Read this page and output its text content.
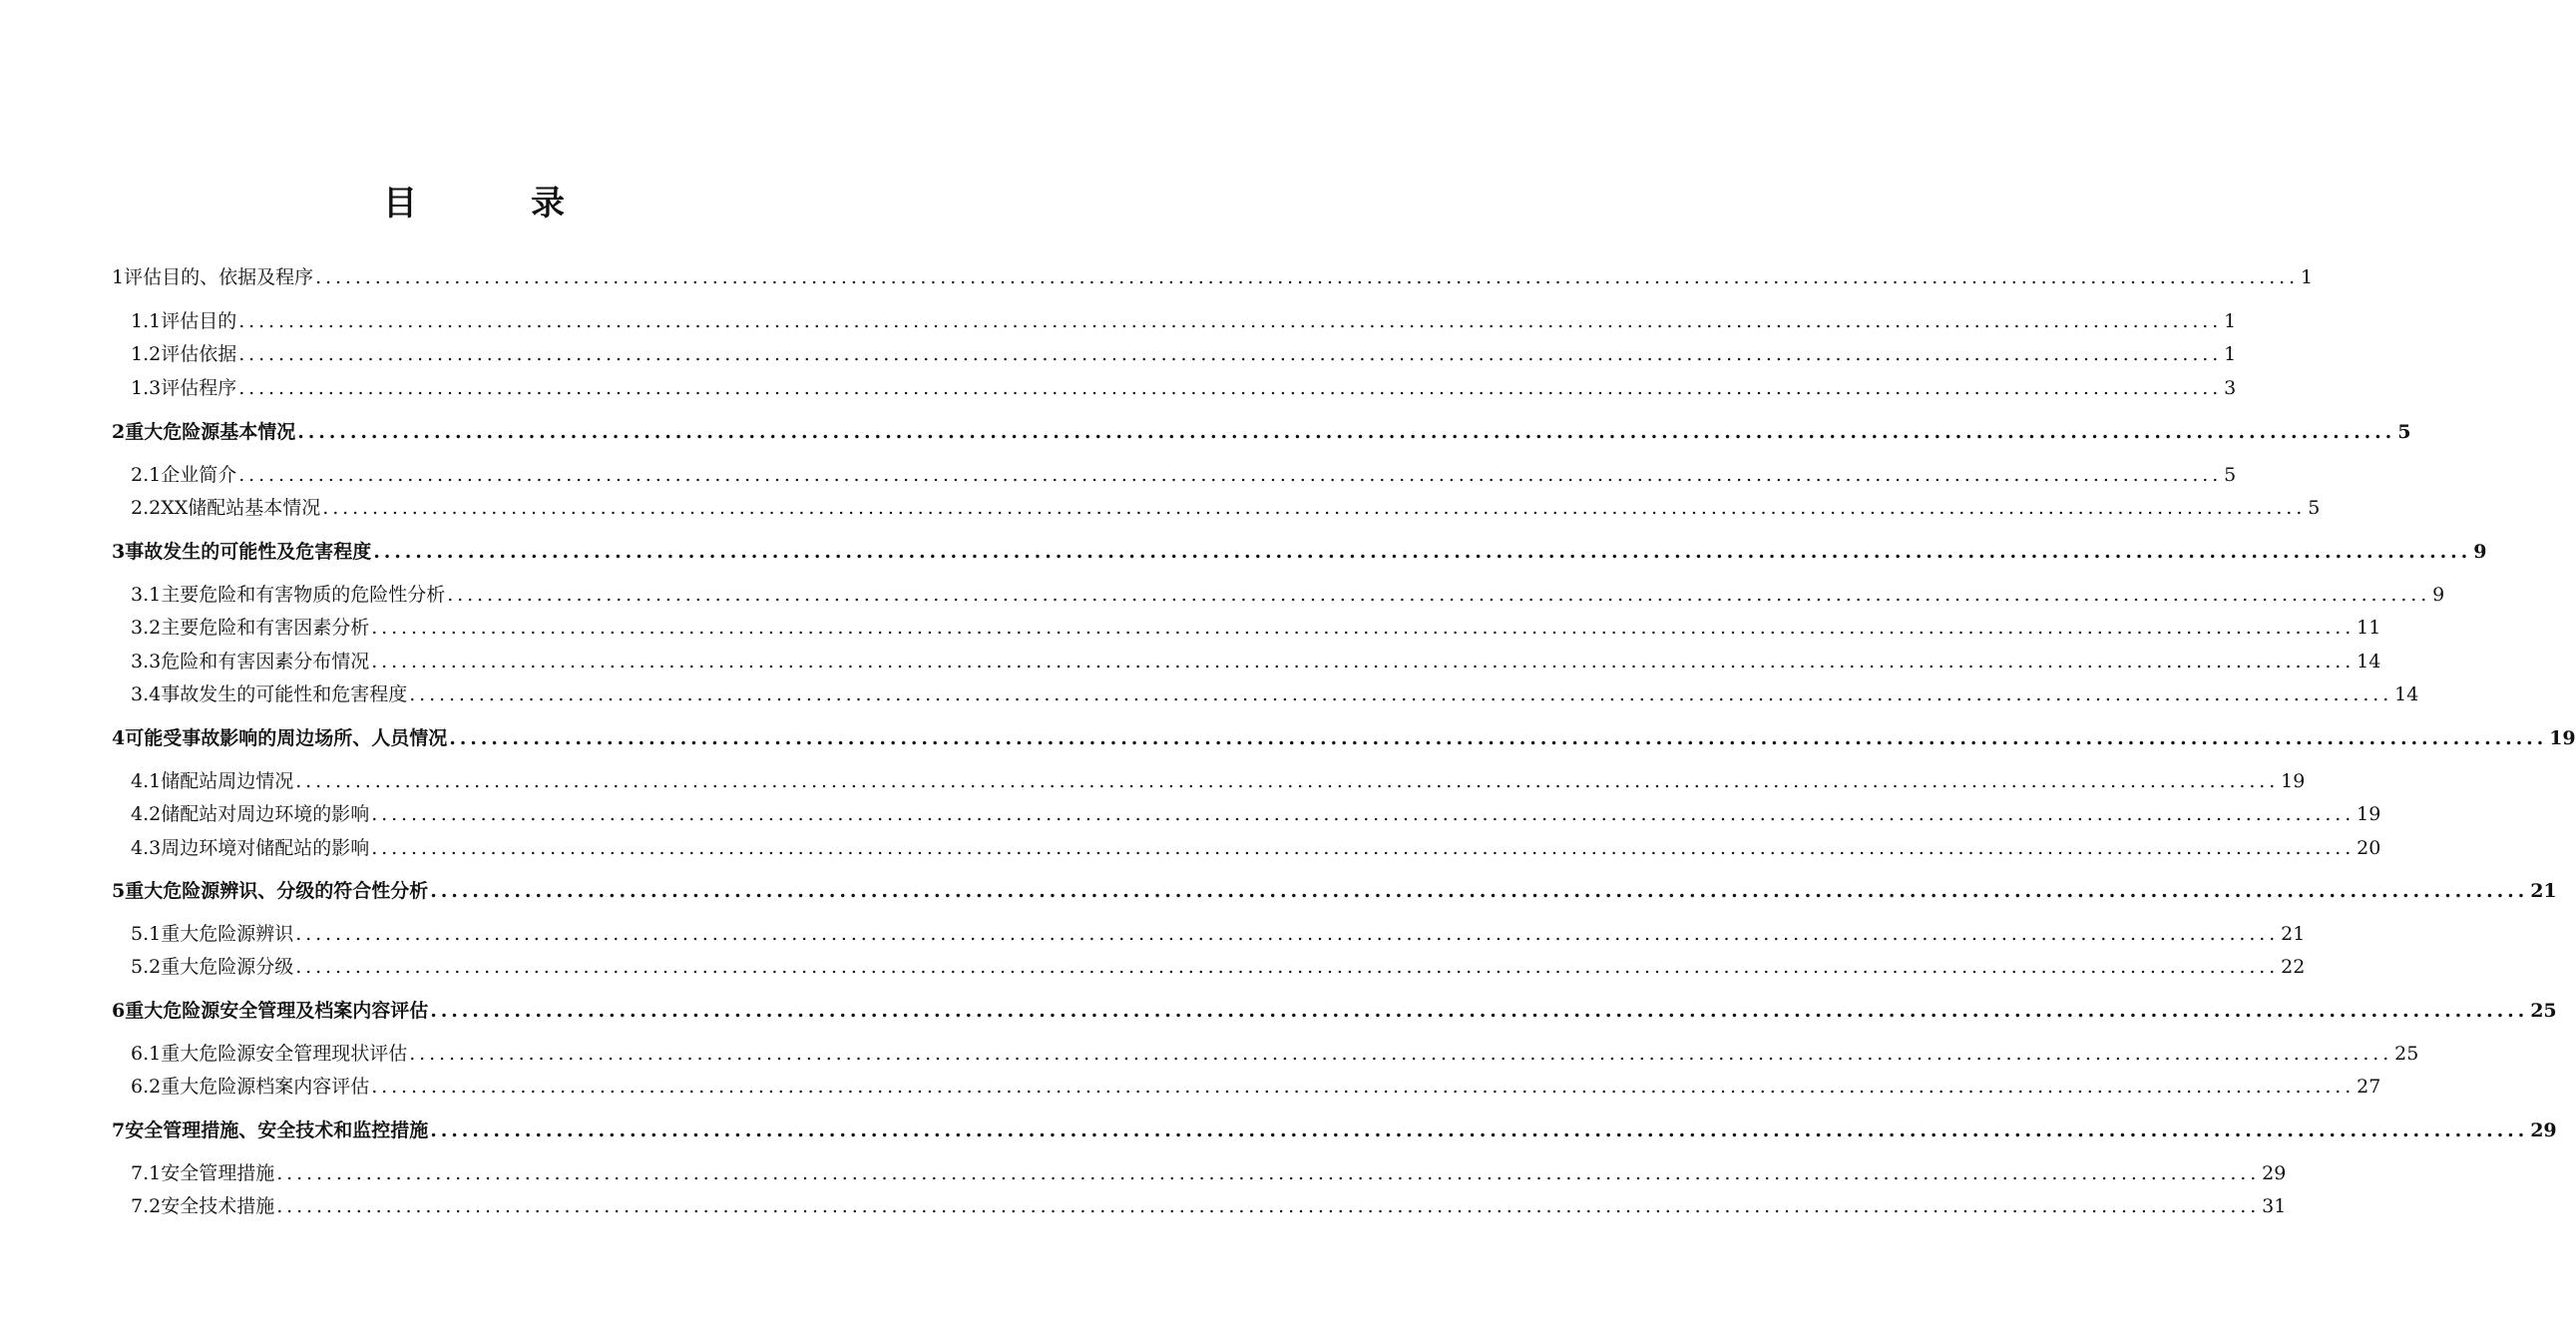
目　录
1 评估目的、依据及程序 ........................................................................................................................................................................................................ 1
1.1 评估目的 ........................................................................................................................................................................................................ 1
1.2 评估依据 ........................................................................................................................................................................................................ 1
1.3 评估程序 ........................................................................................................................................................................................................ 3
2 重大危险源基本情况 ........................................................................................................................................................................................................ 5
2.1 企业简介 ........................................................................................................................................................................................................ 5
2.2 XX储配站基本情况 ........................................................................................................................................................................................................ 5
3 事故发生的可能性及危害程度 ........................................................................................................................................................................................................ 9
3.1 主要危险和有害物质的危险性分析 ........................................................................................................................................................................................................ 9
3.2 主要危险和有害因素分析 ........................................................................................................................................................................................................ 11
3.3 危险和有害因素分布情况 ........................................................................................................................................................................................................ 14
3.4 事故发生的可能性和危害程度 ........................................................................................................................................................................................................ 14
4 可能受事故影响的周边场所、人员情况 ........................................................................................................................................................................................................ 19
4.1 储配站周边情况 ........................................................................................................................................................................................................ 19
4.2 储配站对周边环境的影响 ........................................................................................................................................................................................................ 19
4.3 周边环境对储配站的影响 ........................................................................................................................................................................................................ 20
5 重大危险源辨识、分级的符合性分析 ........................................................................................................................................................................................................ 21
5.1 重大危险源辨识 ........................................................................................................................................................................................................ 21
5.2 重大危险源分级 ........................................................................................................................................................................................................ 22
6 重大危险源安全管理及档案内容评估 ........................................................................................................................................................................................................ 25
6.1 重大危险源安全管理现状评估 ........................................................................................................................................................................................................ 25
6.2 重大危险源档案内容评估 ........................................................................................................................................................................................................ 27
7 安全管理措施、安全技术和监控措施 ........................................................................................................................................................................................................ 29
7.1 安全管理措施 ........................................................................................................................................................................................................ 29
7.2 安全技术措施 ........................................................................................................................................................................................................ 31
